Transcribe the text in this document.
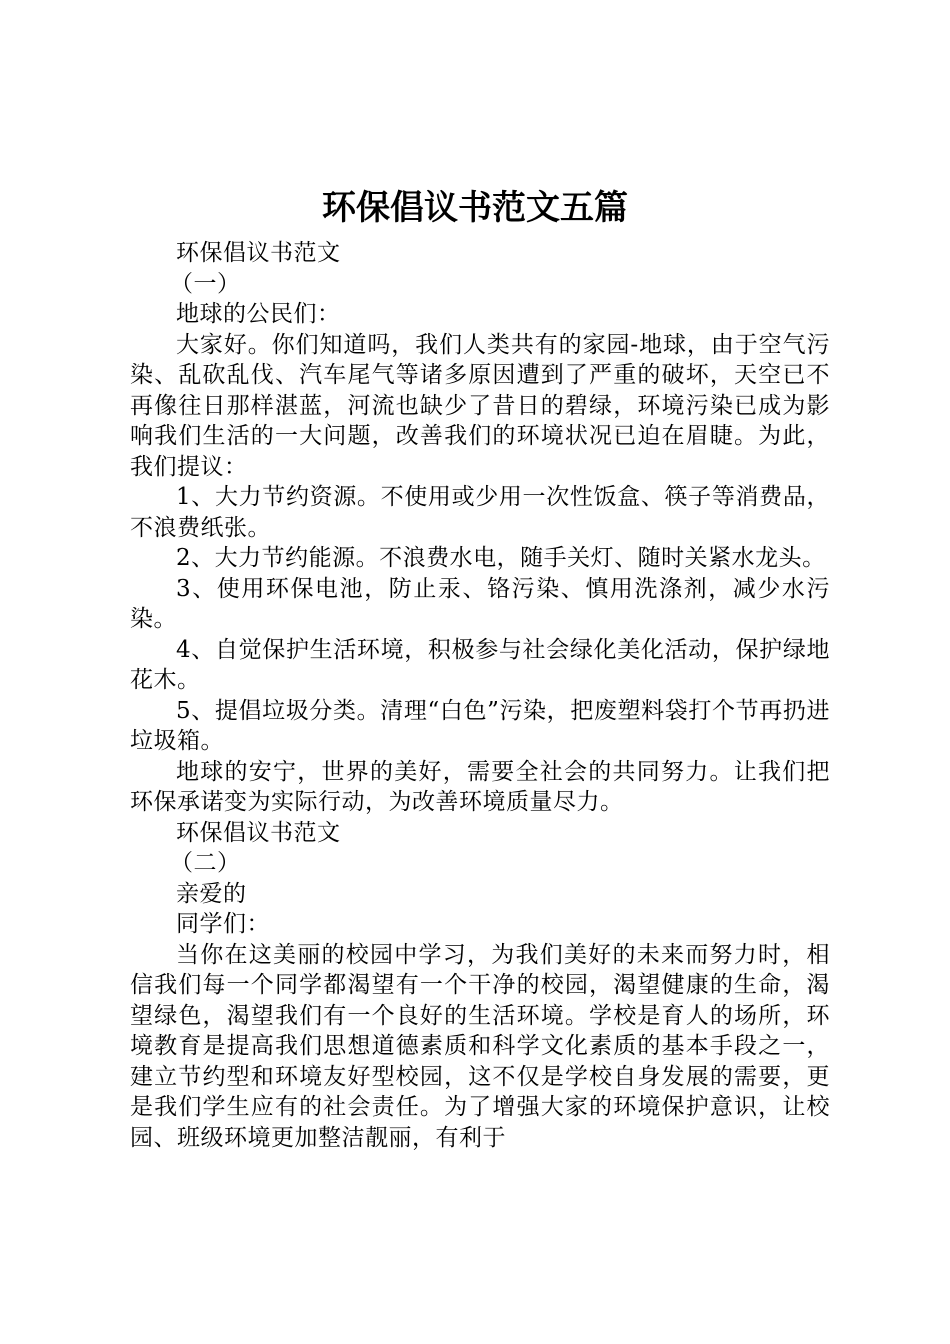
环保倡议书范文五篇

环保倡议书范文

（一）

地球的公民们：

大家好。你们知道吗，我们人类共有的家园-地球，由于空气污染、乱砍乱伐、汽车尾气等诸多原因遭到了严重的破坏，天空已不再像往日那样湛蓝，河流也缺少了昔日的碧绿，环境污染已成为影响我们生活的一大问题，改善我们的环境状况已迫在眉睫。为此，我们提议：

1、大力节约资源。不使用或少用一次性饭盒、筷子等消费品，不浪费纸张。

2、大力节约能源。不浪费水电，随手关灯、随时关紧水龙头。

3、使用环保电池，防止汞、铬污染、慎用洗涤剂，减少水污染。

4、自觉保护生活环境，积极参与社会绿化美化活动，保护绿地花木。

5、提倡垃圾分类。清理“白色”污染，把废塑料袋打个节再扔进垃圾箱。

地球的安宁，世界的美好，需要全社会的共同努力。让我们把环保承诺变为实际行动，为改善环境质量尽力。

环保倡议书范文

（二）

亲爱的

同学们：

当你在这美丽的校园中学习，为我们美好的未来而努力时，相信我们每一个同学都渴望有一个干净的校园，渴望健康的生命，渴望绿色，渴望我们有一个良好的生活环境。学校是育人的场所，环境教育是提高我们思想道德素质和科学文化素质的基本手段之一，建立节约型和环境友好型校园，这不仅是学校自身发展的需要，更是我们学生应有的社会责任。为了增强大家的环境保护意识，让校园、班级环境更加整洁靓丽，有利于
